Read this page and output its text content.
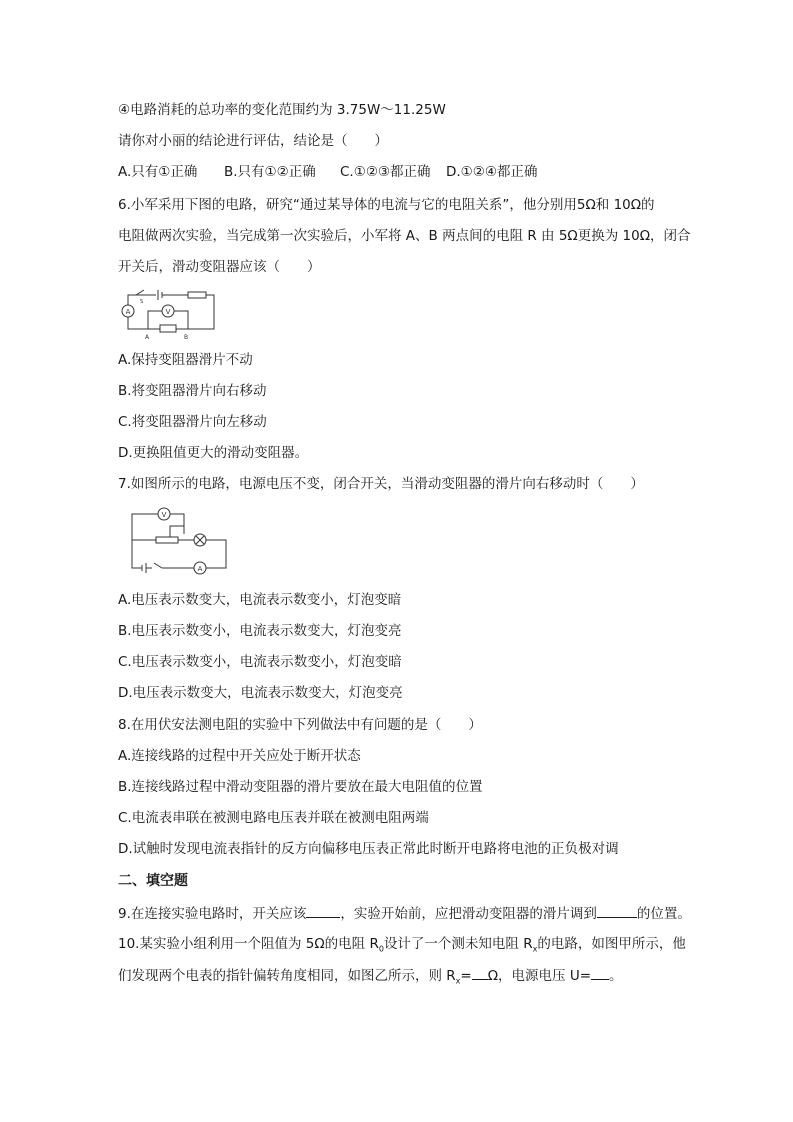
④电路消耗的总功率的变化范围约为 3.75W～11.25W
请你对小丽的结论进行评估，结论是（　　）
A.只有①正确 B.只有①②正确 C.①②③都正确 D.①②④都正确
6.小军采用下图的电路，研究“通过某导体的电流与它的电阻关系”，他分别用5Ω和 10Ω的
电阻做两次实验，当完成第一次实验后，小军将 A、B 两点间的电阻 R 由 5Ω更换为 10Ω，闭合
开关后，滑动变阻器应该（　　）
A	V
S
A	B
A.保持变阻器滑片不动
B.将变阻器滑片向右移动
C.将变阻器滑片向左移动
D.更换阻值更大的滑动变阻器。
7.如图所示的电路，电源电压不变，闭合开关，当滑动变阻器的滑片向右移动时（　　）
V
A
A.电压表示数变大，电流表示数变小，灯泡变暗
B.电压表示数变小，电流表示数变大，灯泡变亮
C.电压表示数变小，电流表示数变小，灯泡变暗
D.电压表示数变大，电流表示数变大，灯泡变亮
8.在用伏安法测电阻的实验中下列做法中有问题的是（　　）
A.连接线路的过程中开关应处于断开状态
B.连接线路过程中滑动变阻器的滑片要放在最大电阻值的位置
C.电流表串联在被测电路电压表并联在被测电阻两端
D.试触时发现电流表指针的反方向偏移电压表正常此时断开电路将电池的正负极对调
二、填空题
9.在连接实验电路时，开关应该	，实验开始前，应把滑动变阻器的滑片调到	的位置。
10.某实验小组利用一个阻值为 5Ω的电阻 $R_0$设计了一个测未知电阻 $R_x$的电路，如图甲所示，他
们发现两个电表的指针偏转角度相同，如图乙所示，则 $R_x= \Omega$，电源电压 U= 。
